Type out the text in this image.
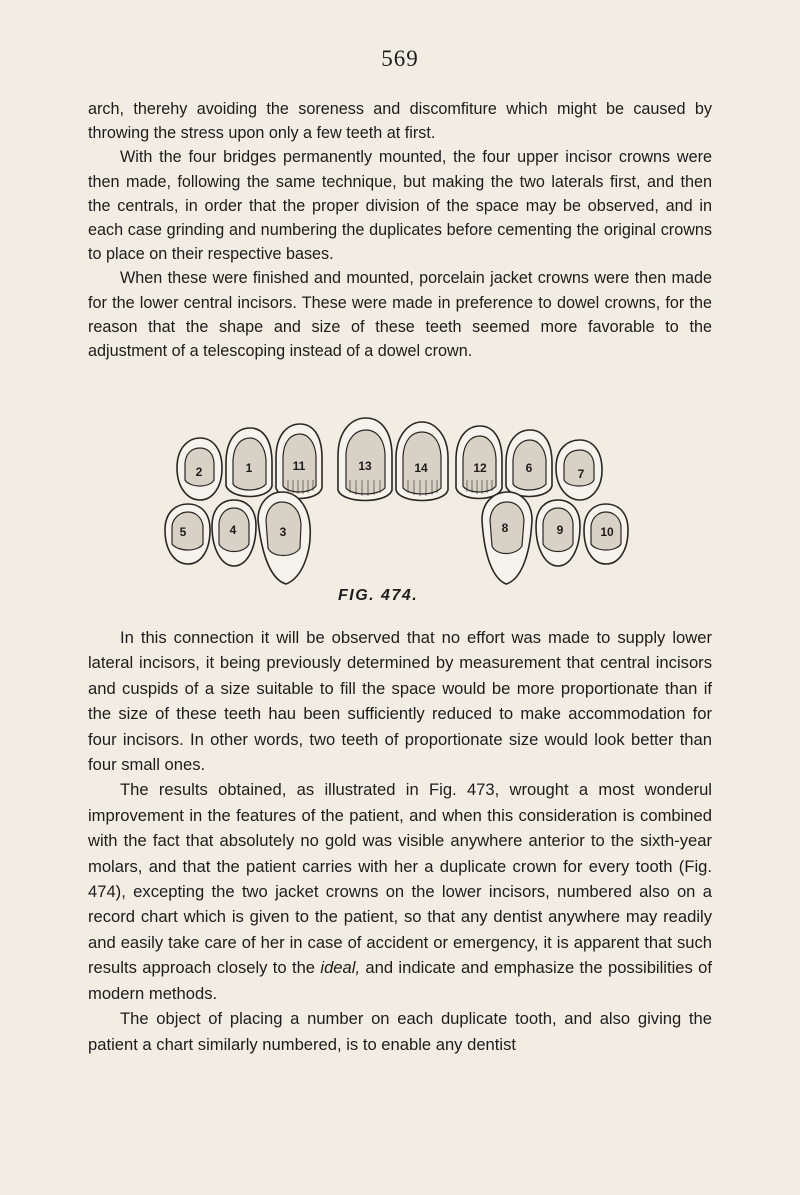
569

arch, therehy avoiding the soreness and discomfiture which might be caused by throwing the stress upon only a few teeth at first.

With the four bridges permanently mounted, the four upper incisor crowns were then made, following the same technique, but making the two laterals first, and then the centrals, in order that the proper division of the space may be observed, and in each case grinding and numbering the duplicates before cementing the original crowns to place on their respective bases.

When these were finished and mounted, porcelain jacket crowns were then made for the lower central incisors. These were made in preference to dowel crowns, for the reason that the shape and size of these teeth seemed more favorable to the adjustment of a telescoping instead of a dowel crown.

2	1	11	13	14	12	6	7
5	4	3	8	9	10
FIG. 474.

In this connection it will be observed that no effort was made to supply lower lateral incisors, it being previously determined by measurement that central incisors and cuspids of a size suitable to fill the space would be more proportionate than if the size of these teeth hau been sufficiently reduced to make accommodation for four incisors. In other words, two teeth of proportionate size would look better than four small ones.

The results obtained, as illustrated in Fig. 473, wrought a most wonderul improvement in the features of the patient, and when this consideration is combined with the fact that absolutely no gold was visible anywhere anterior to the sixth-year molars, and that the patient carries with her a duplicate crown for every tooth (Fig. 474), excepting the two jacket crowns on the lower incisors, numbered also on a record chart which is given to the patient, so that any dentist anywhere may readily and easily take care of her in case of accident or emergency, it is apparent that such results approach closely to the ideal, and indicate and emphasize the possibilities of modern methods.

The object of placing a number on each duplicate tooth, and also giving the patient a chart similarly numbered, is to enable any dentist
